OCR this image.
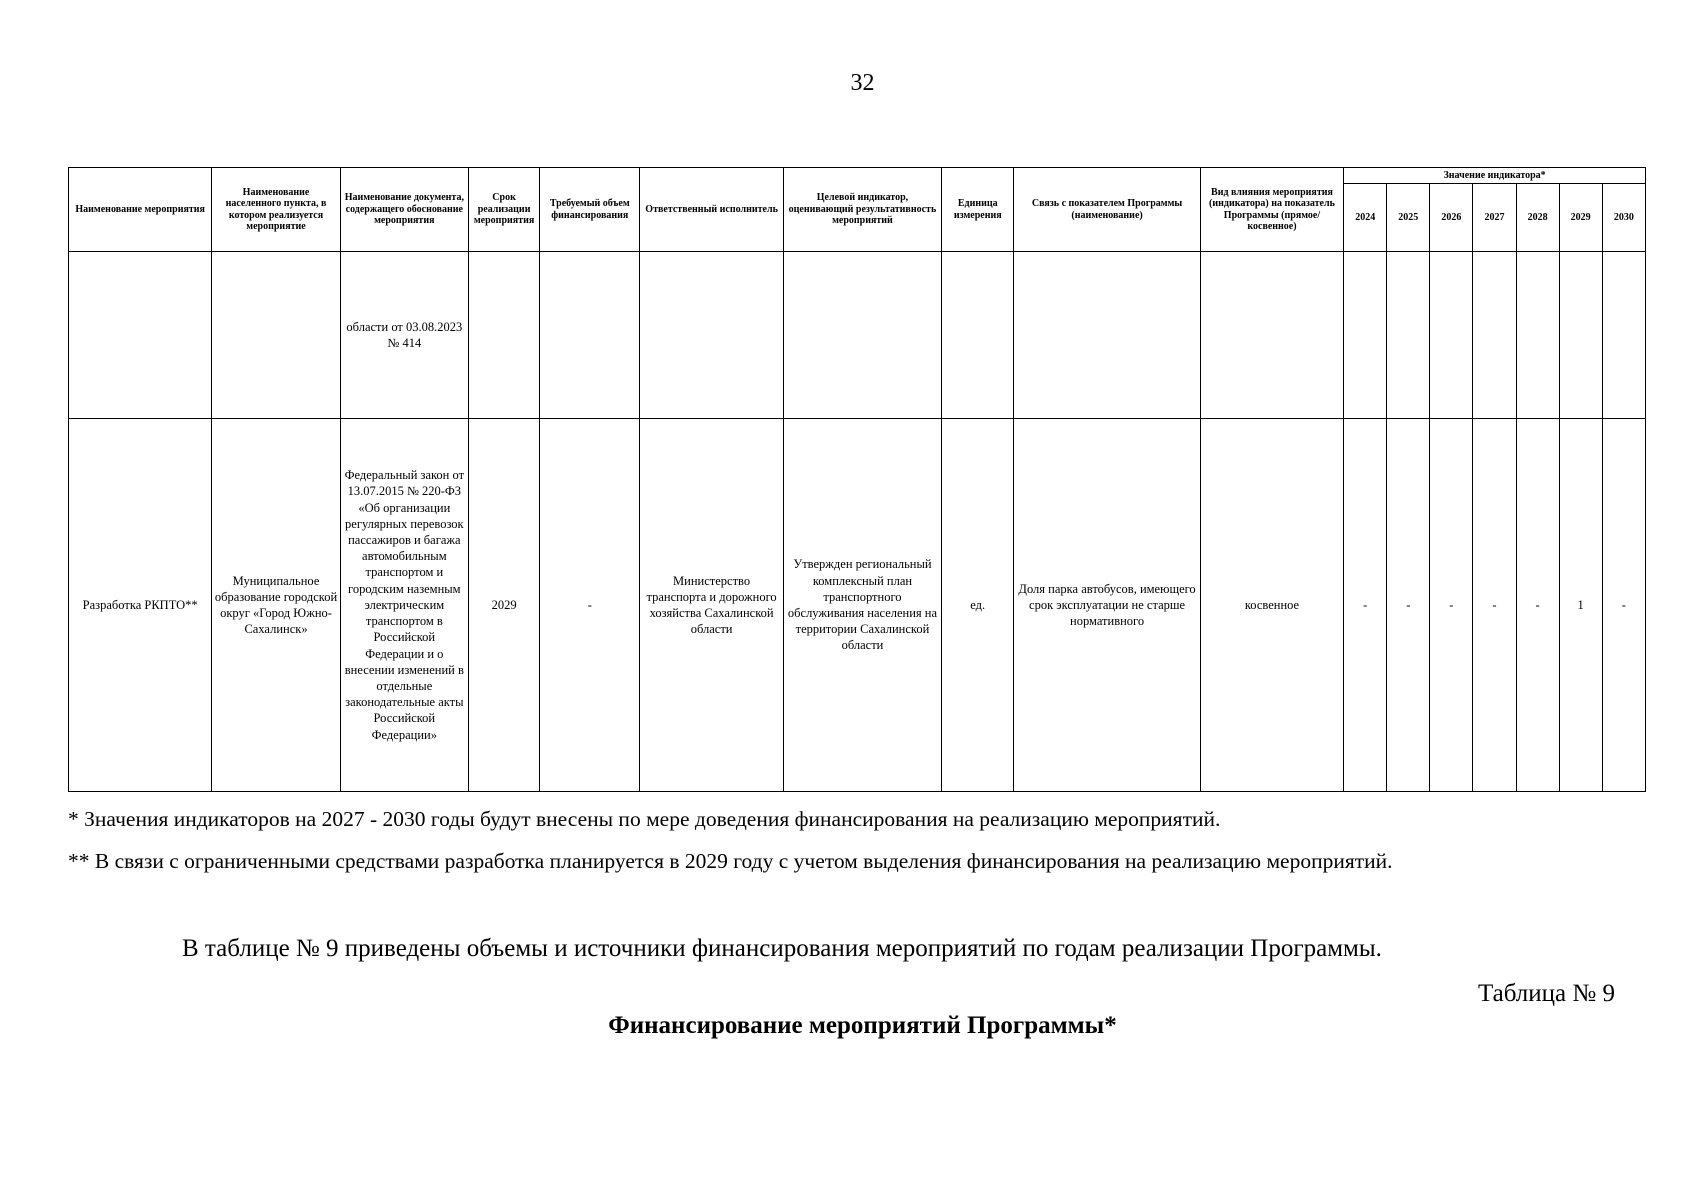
32
Наименование мероприятия	Наименование населенного пункта, в котором реализуется мероприятие	Наименование документа, содержащего обоснование мероприятия	Срок реализации мероприятия	Требуемый объем финансирования	Ответственный исполнитель	Целевой индикатор, оценивающий результативность мероприятий	Единица измерения	Связь с показателем Программы (наименование)	Вид влияния мероприятия (индикатора) на показатель Программы (прямое/ косвенное)	Значение индикатора*						
										2024	2025	2026	2027	2028	2029	2030
		области от 03.08.2023 № 414														
Разработка РКПТО**	Муниципальное образование городской округ «Город Южно-Сахалинск»	Федеральный закон от 13.07.2015 № 220-ФЗ «Об организации регулярных перевозок пассажиров и багажа автомобильным транспортом и городским наземным электрическим транспортом в Российской Федерации и о внесении изменений в отдельные законодательные акты Российской Федерации»	2029	-	Министерство транспорта и дорожного хозяйства Сахалинской области	Утвержден региональный комплексный план транспортного обслуживания населения на территории Сахалинской области	ед.	Доля парка автобусов, имеющего срок эксплуатации не старше нормативного	косвенное	-	-	-	-	-	1	-
* Значения индикаторов на 2027 - 2030 годы будут внесены по мере доведения финансирования на реализацию мероприятий.
** В связи с ограниченными средствами разработка планируется в 2029 году с учетом выделения финансирования на реализацию мероприятий.
В таблице № 9 приведены объемы и источники финансирования мероприятий по годам реализации Программы.
Таблица № 9
Финансирование мероприятий Программы*
